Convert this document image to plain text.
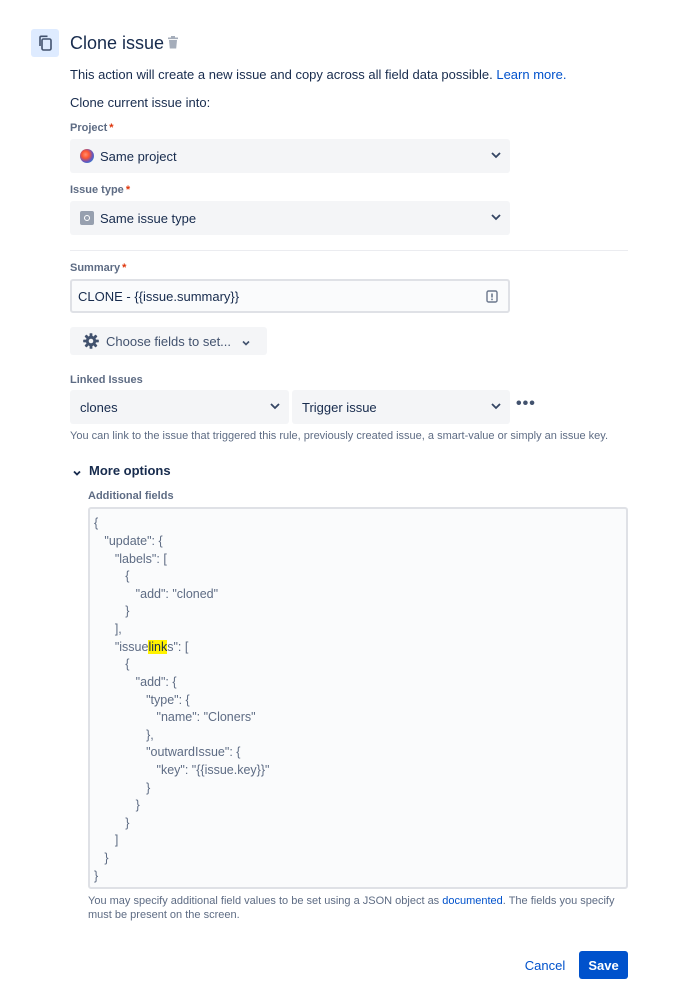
Clone issue
This action will create a new issue and copy across all field data possible. Learn more.
Clone current issue into:
Project *
Same project
Issue type *
Same issue type
Summary *
CLONE - {{issue.summary}}
Choose fields to set...
Linked Issues
clones	Trigger issue	•••
You can link to the issue that triggered this rule, previously created issue, a smart-value or simply an issue key.
More options
Additional fields
{
"update": {
"labels": [
{
"add": "cloned"
}
],
"issuelinks": [
{
"add": {
"type": {
"name": "Cloners"
},
"outwardIssue": {
"key": "{{issue.key}}"
}
}
}
]
}
}
You may specify additional field values to be set using a JSON object as documented. The fields you specify must be present on the screen.
Cancel	Save
